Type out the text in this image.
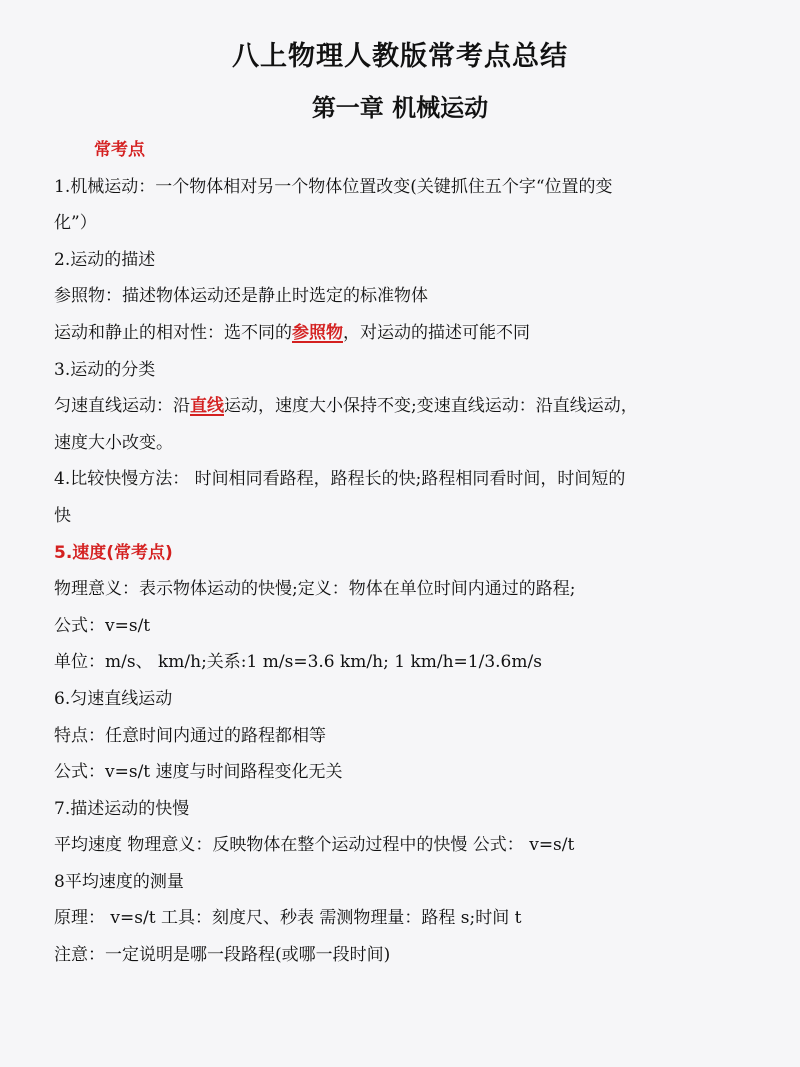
八上物理人教版常考点总结
第一章 机械运动
常考点
1.机械运动：一个物体相对另一个物体位置改变(关键抓住五个字“位置的变
化”）
2.运动的描述
参照物：描述物体运动还是静止时选定的标准物体
运动和静止的相对性：选不同的参照物，对运动的描述可能不同
3.运动的分类
匀速直线运动：沿直线运动，速度大小保持不变;变速直线运动：沿直线运动，
速度大小改变。
4.比较快慢方法： 时间相同看路程，路程长的快;路程相同看时间，时间短的
快
5.速度(常考点)
物理意义：表示物体运动的快慢;定义：物体在单位时间内通过的路程;
公式：v=s/t
单位：m/s、 km/h;关系:1 m/s=3.6 km/h; 1 km/h=1/3.6m/s
6.匀速直线运动
特点：任意时间内通过的路程都相等
公式：v=s/t 速度与时间路程变化无关
7.描述运动的快慢
平均速度 物理意义：反映物体在整个运动过程中的快慢 公式： v=s/t
8平均速度的测量
原理： v=s/t 工具：刻度尺、秒表 需测物理量：路程 s;时间 t
注意：一定说明是哪一段路程(或哪一段时间)
